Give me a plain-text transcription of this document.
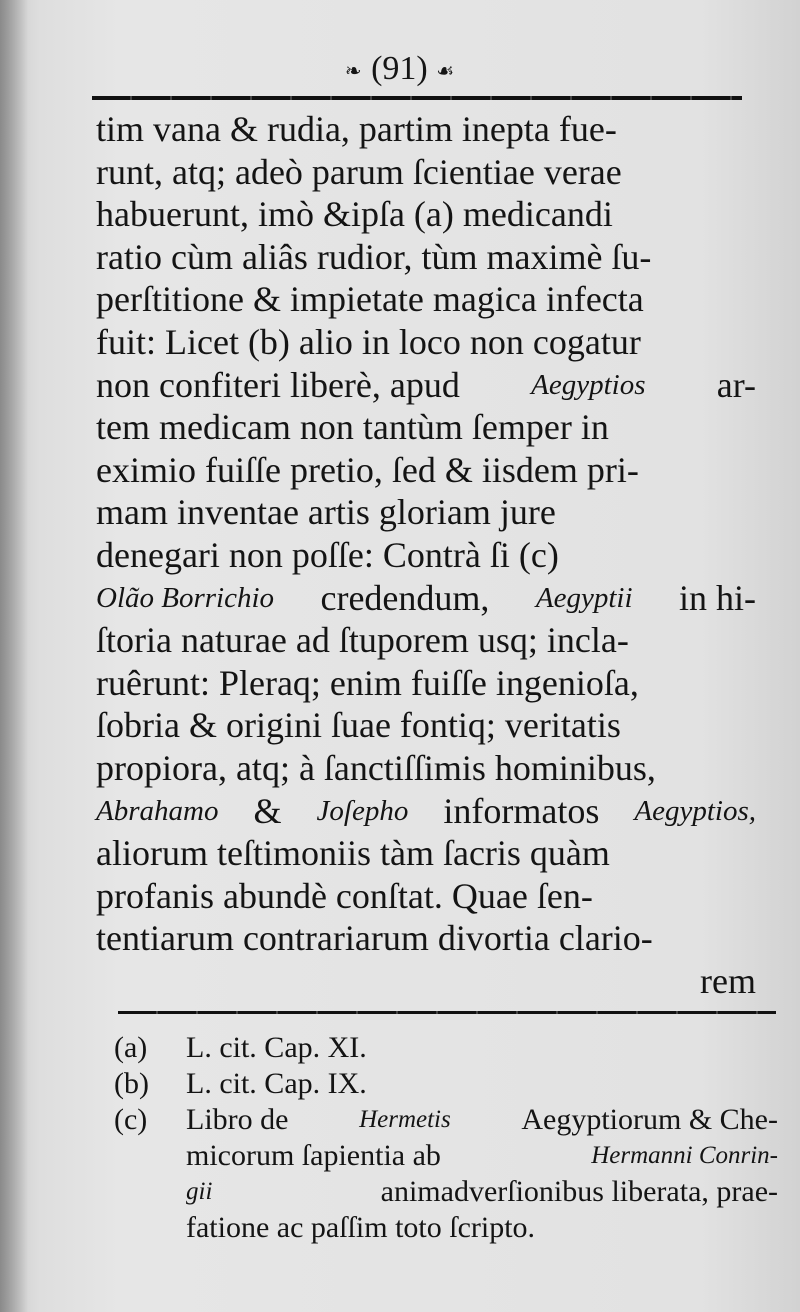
❧ (91) ☙
tim vana & rudia, partim inepta fue-
runt, atq; adeò parum ſcientiae verae
habuerunt, imò &ipſa (a) medicandi
ratio cùm aliâs rudior, tùm maximè ſu-
perſtitione & impietate magica infecta
fuit: Licet (b) alio in loco non cogatur
non confiteri liberè, apud Aegyptios ar-
tem medicam non tantùm ſemper in
eximio fuiſſe pretio, ſed & iisdem pri-
mam inventae artis gloriam jure
denegari non poſſe: Contrà ſi (c)
Olão Borrichio credendum, Aegyptii in hi-
ſtoria naturae ad ſtuporem usq; incla-
ruêrunt: Pleraq; enim fuiſſe ingenioſa,
ſobria & origini ſuae fontiq; veritatis
propiora, atq; à ſanctiſſimis hominibus,
Abrahamo & Joſepho informatos Aegyptios,
aliorum teſtimoniis tàm ſacris quàm
profanis abundè conſtat. Quae ſen-
tentiarum contrariarum divortia clario-
rem
(a)	L. cit. Cap. XI.
(b)	L. cit. Cap. IX.
(c)	Libro de	Hermetis Aegyptiorum & Che-
micorum ſapientia ab	Hermanni Conrin-
gii	animadverſionibus liberata, prae-
fatione ac paſſim toto ſcripto.
